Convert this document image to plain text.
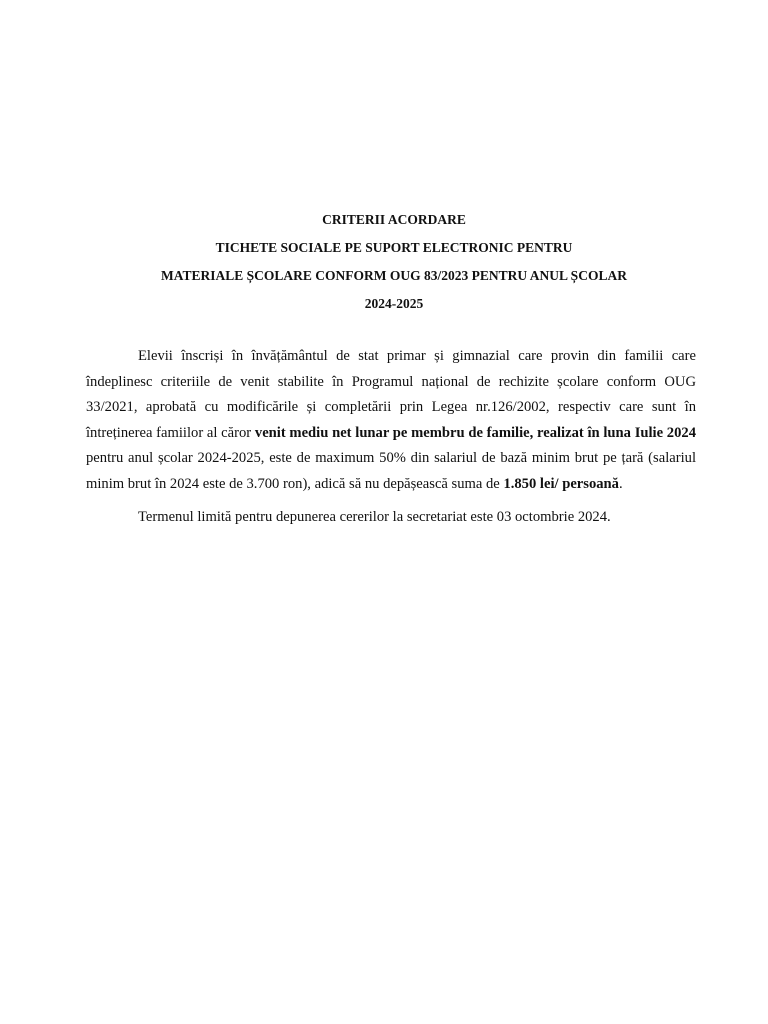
CRITERII ACORDARE
TICHETE SOCIALE PE SUPORT ELECTRONIC PENTRU
MATERIALE ȘCOLARE CONFORM OUG 83/2023 PENTRU ANUL ȘCOLAR
2024-2025

Elevii înscriși în învățământul de stat primar și gimnazial care provin din familii care îndeplinesc criteriile de venit stabilite în Programul național de rechizite școlare conform OUG 33/2021, aprobată cu modificările și completării prin Legea nr.126/2002, respectiv care sunt în întreținerea famiilor al căror venit mediu net lunar pe membru de familie, realizat în luna Iulie 2024 pentru anul școlar 2024-2025, este de maximum 50% din salariul de bază minim brut pe țară (salariul minim brut în 2024 este de 3.700 ron), adică să nu depășească suma de 1.850 lei/ persoană.

Termenul limită pentru depunerea cererilor la secretariat este 03 octombrie 2024.
